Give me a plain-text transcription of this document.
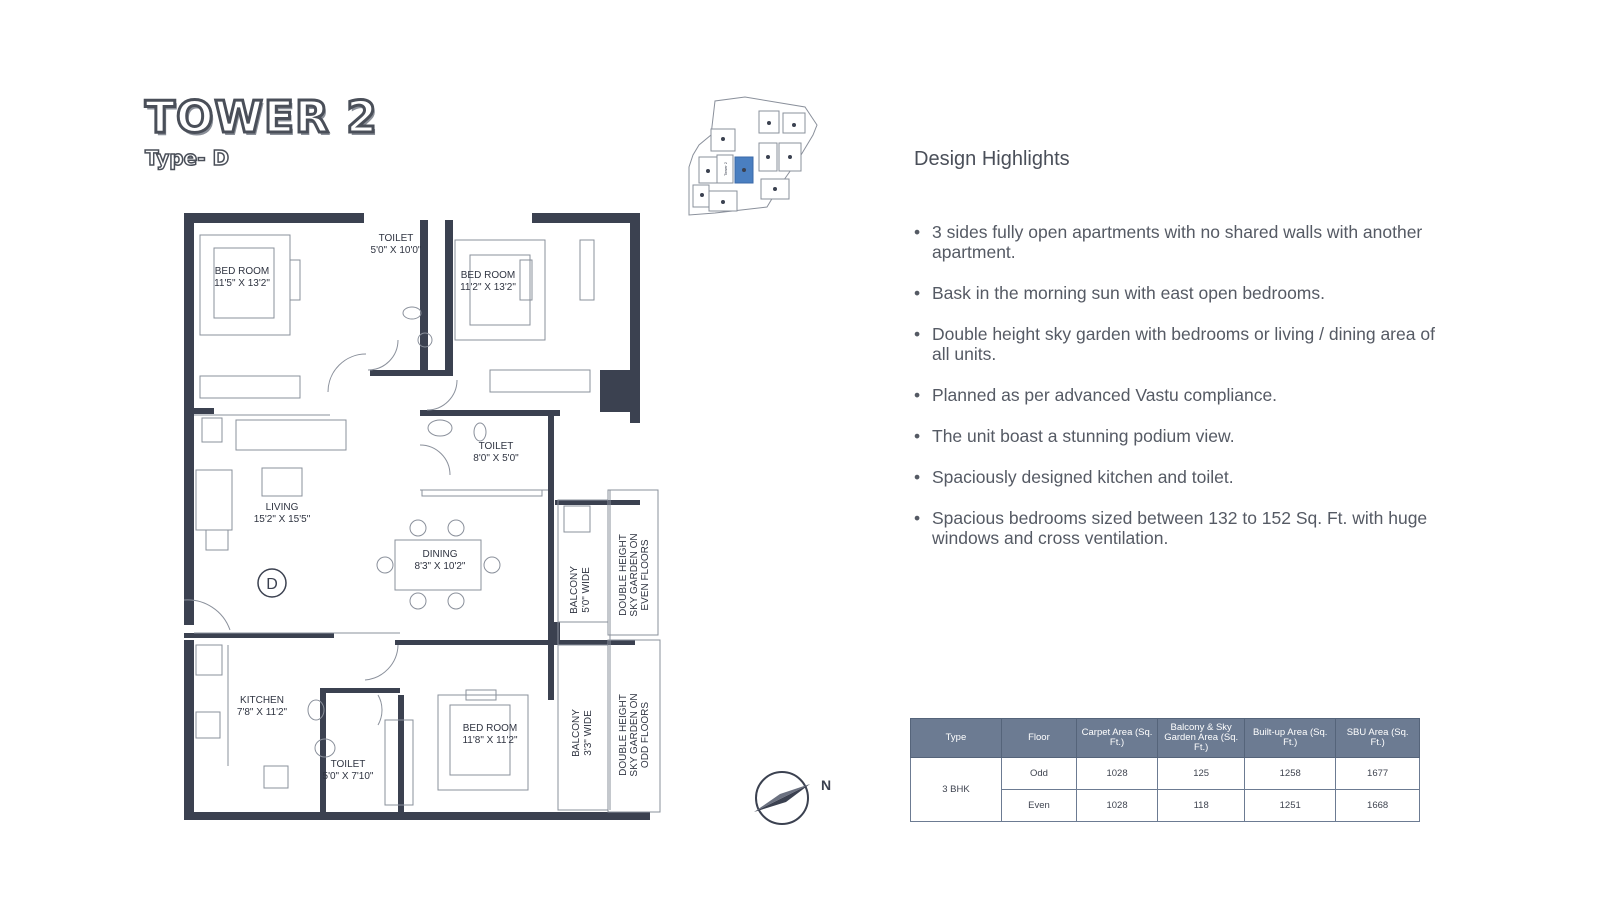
TOWER 2
Type- D
D
BED ROOM
11'5" X 13'2"
TOILET
5'0" X 10'0"
BED ROOM
11'2" X 13'2"
TOILET
8'0" X 5'0"
LIVING
15'2" X 15'5"
DINING
8'3" X 10'2"
KITCHEN
7'8" X 11'2"
TOILET
5'0" X 7'10"
BED ROOM
11'8" X 11'2"
BALCONY 5'0" WIDE	DOUBLE HEIGHT SKY GARDEN ON EVEN FLOORS
BALCONY 3'3" WIDE DOUBLE HEIGHT SKY GARDEN ON ODD FLOORS
Tower 2
N
Design Highlights
• 3 sides fully open apartments with no shared walls with another apartment.
• Bask in the morning sun with east open bedrooms.
• Double height sky garden with bedrooms or living / dining area of all units.
• Planned as per advanced Vastu compliance.
• The unit boast a stunning podium view.
• Spaciously designed kitchen and toilet.
• Spacious bedrooms sized between 132 to 152 Sq. Ft. with huge windows and cross ventilation.
Type	Floor	Carpet Area (Sq. Ft.)	Balcony & Sky Garden Area (Sq. Ft.)	Built-up Area (Sq. Ft.)	SBU Area (Sq. Ft.)
3 BHK	Odd	1028	125	1258	1677
	Even	1028	118	1251	1668
